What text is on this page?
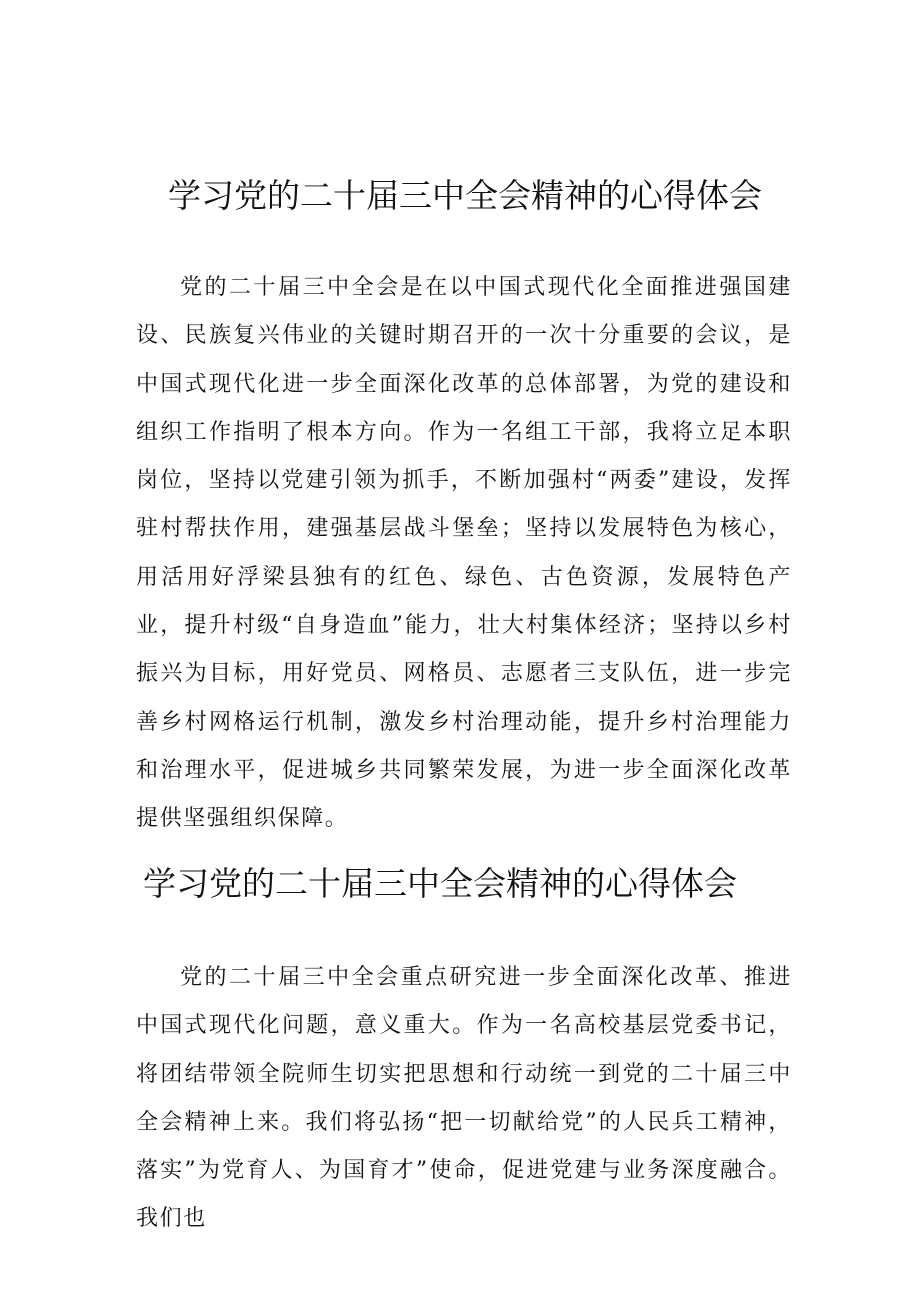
学习党的二十届三中全会精神的心得体会

党的二十届三中全会是在以中国式现代化全面推进强国建设、民族复兴伟业的关键时期召开的一次十分重要的会议，是中国式现代化进一步全面深化改革的总体部署，为党的建设和组织工作指明了根本方向。作为一名组工干部，我将立足本职岗位，坚持以党建引领为抓手，不断加强村“两委”建设，发挥驻村帮扶作用，建强基层战斗堡垒；坚持以发展特色为核心，用活用好浮梁县独有的红色、绿色、古色资源，发展特色产业，提升村级“自身造血”能力，壮大村集体经济；坚持以乡村振兴为目标，用好党员、网格员、志愿者三支队伍，进一步完善乡村网格运行机制，激发乡村治理动能，提升乡村治理能力和治理水平，促进城乡共同繁荣发展，为进一步全面深化改革提供坚强组织保障。

学习党的二十届三中全会精神的心得体会

党的二十届三中全会重点研究进一步全面深化改革、推进中国式现代化问题，意义重大。作为一名高校基层党委书记，将团结带领全院师生切实把思想和行动统一到党的二十届三中全会精神上来。我们将弘扬“把一切献给党”的人民兵工精神，落实”为党育人、为国育才”使命，促进党建与业务深度融合。我们也
